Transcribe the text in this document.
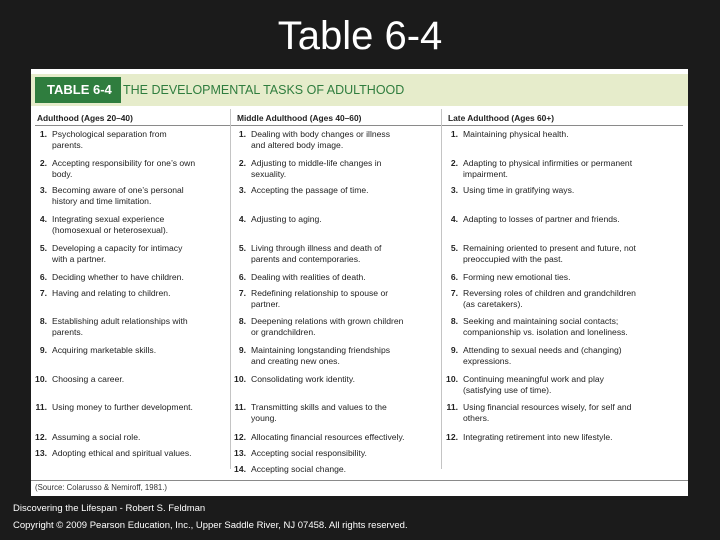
Table 6-4
TABLE 6-4 THE DEVELOPMENTAL TASKS OF ADULTHOOD
Adulthood (Ages 20–40)	Middle Adulthood (Ages 40–60)	Late Adulthood (Ages 60+)
1. Psychological separation from
parents.
2. Accepting responsibility for one’s own
body.
3. Becoming aware of one’s personal
history and time limitation.
4. Integrating sexual experience
(homosexual or heterosexual).
5. Developing a capacity for intimacy
with a partner.
6. Deciding whether to have children.
7. Having and relating to children.
8. Establishing adult relationships with
parents.
9. Acquiring marketable skills.
10. Choosing a career.
11. Using money to further development.
12. Assuming a social role.
13. Adopting ethical and spiritual values.
1. Dealing with body changes or illness
and altered body image.
2. Adjusting to middle-life changes in
sexuality.
3. Accepting the passage of time.
4. Adjusting to aging.
5. Living through illness and death of
parents and contemporaries.
6. Dealing with realities of death.
7. Redefining relationship to spouse or
partner.
8. Deepening relations with grown children
or grandchildren.
9. Maintaining longstanding friendships
and creating new ones.
10. Consolidating work identity.
11. Transmitting skills and values to the
young.
12. Allocating financial resources effectively.
13. Accepting social responsibility.
14. Accepting social change.
1. Maintaining physical health.
2. Adapting to physical infirmities or permanent
impairment.
3. Using time in gratifying ways.
4. Adapting to losses of partner and friends.
5. Remaining oriented to present and future, not
preoccupied with the past.
6. Forming new emotional ties.
7. Reversing roles of children and grandchildren
(as caretakers).
8. Seeking and maintaining social contacts;
companionship vs. isolation and loneliness.
9. Attending to sexual needs and (changing)
expressions.
10. Continuing meaningful work and play
(satisfying use of time).
11. Using financial resources wisely, for self and
others.
12. Integrating retirement into new lifestyle.
(Source: Colarusso & Nemiroff, 1981.)
Discovering the Lifespan - Robert S. Feldman
Copyright © 2009 Pearson Education, Inc., Upper Saddle River, NJ 07458. All rights reserved.
